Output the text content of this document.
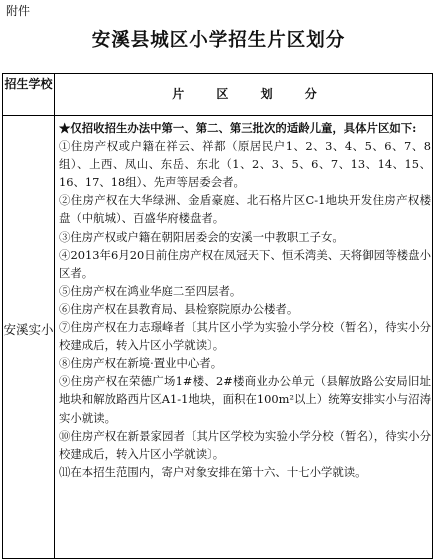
附件
安溪县城区小学招生片区划分
招生学校
片 区 划 分
安溪实小

★仅招收招生办法中第一、第二、第三批次的适龄儿童，具体片区如下:

①住房产权或户籍在祥云、祥都（原居民户1、2、3、4、5、6、7、8组）、上西、凤山、东岳、东北（1、2、3、5、6、7、13、14、15、16、17、18组）、先声等居委会者。

②住房产权在大华绿洲、金盾豪庭、北石格片区C-1地块开发住房产权楼盘（中航城）、百盛华府楼盘者。

③住房产权或户籍在朝阳居委会的安溪一中教职工子女。

④2013年6月20日前住房产权在凤冠天下、恒禾湾美、天将御园等楼盘小区者。

⑤住房产权在鸿业华庭二至四层者。

⑥住房产权在县教育局、县检察院原办公楼者。

⑦住房产权在力志璟峰者〔其片区小学为实验小学分校（暂名），待实小分校建成后，转入片区小学就读〕。

⑧住房产权在新境·置业中心者。

⑨住房产权在荣德广场1#楼、2#楼商业办公单元（县解放路公安局旧址地块和解放路西片区A1-1地块，面积在100m²以上）统筹安排实小与沼涛实小就读。

⑩住房产权在新景家园者〔其片区学校为实验小学分校（暂名），待实小分校建成后，转入片区小学就读〕。

⑾在本招生范围内，寄户对象安排在第十六、十七小学就读。
